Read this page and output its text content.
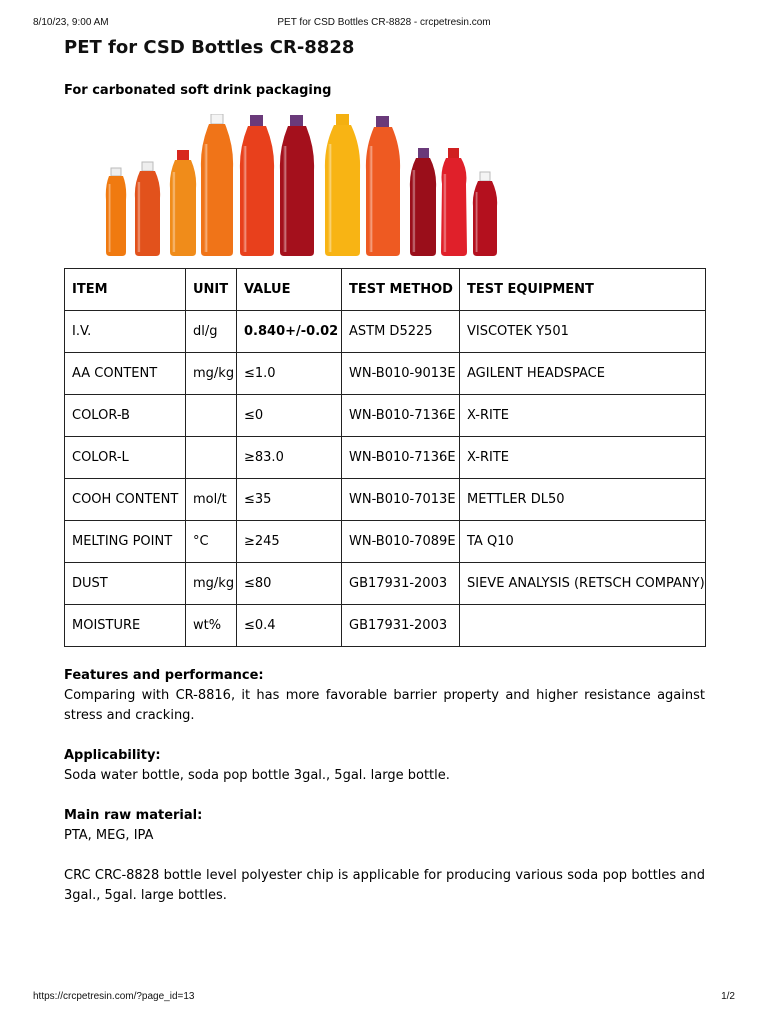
8/10/23, 9:00 AM	PET for CSD Bottles CR-8828 - crcpetresin.com
PET for CSD Bottles CR-8828
For carbonated soft drink packaging
ITEM	UNIT	VALUE	TEST METHOD	TEST EQUIPMENT
I.V.	dl/g	0.840+/-0.02	ASTM D5225	VISCOTEK Y501
AA CONTENT	mg/kg	≤1.0	WN-B010-9013E	AGILENT HEADSPACE
COLOR-B		≤0	WN-B010-7136E	X-RITE
COLOR-L		≥83.0	WN-B010-7136E	X-RITE
COOH CONTENT	mol/t	≤35	WN-B010-7013E	METTLER DL50
MELTING POINT	°C	≥245	WN-B010-7089E	TA Q10
DUST	mg/kg	≤80	GB17931-2003	SIEVE ANALYSIS (RETSCH COMPANY)
MOISTURE	wt%	≤0.4	GB17931-2003	
Features and performance:
Comparing with CR-8816, it has more favorable barrier property and higher resistance against stress and cracking.
Applicability:
Soda water bottle, soda pop bottle 3gal., 5gal. large bottle.
Main raw material:
PTA, MEG, IPA
CRC CRC-8828 bottle level polyester chip is applicable for producing various soda pop bottles and 3gal., 5gal. large bottles.
https://crcpetresin.com/?page_id=13	1/2
